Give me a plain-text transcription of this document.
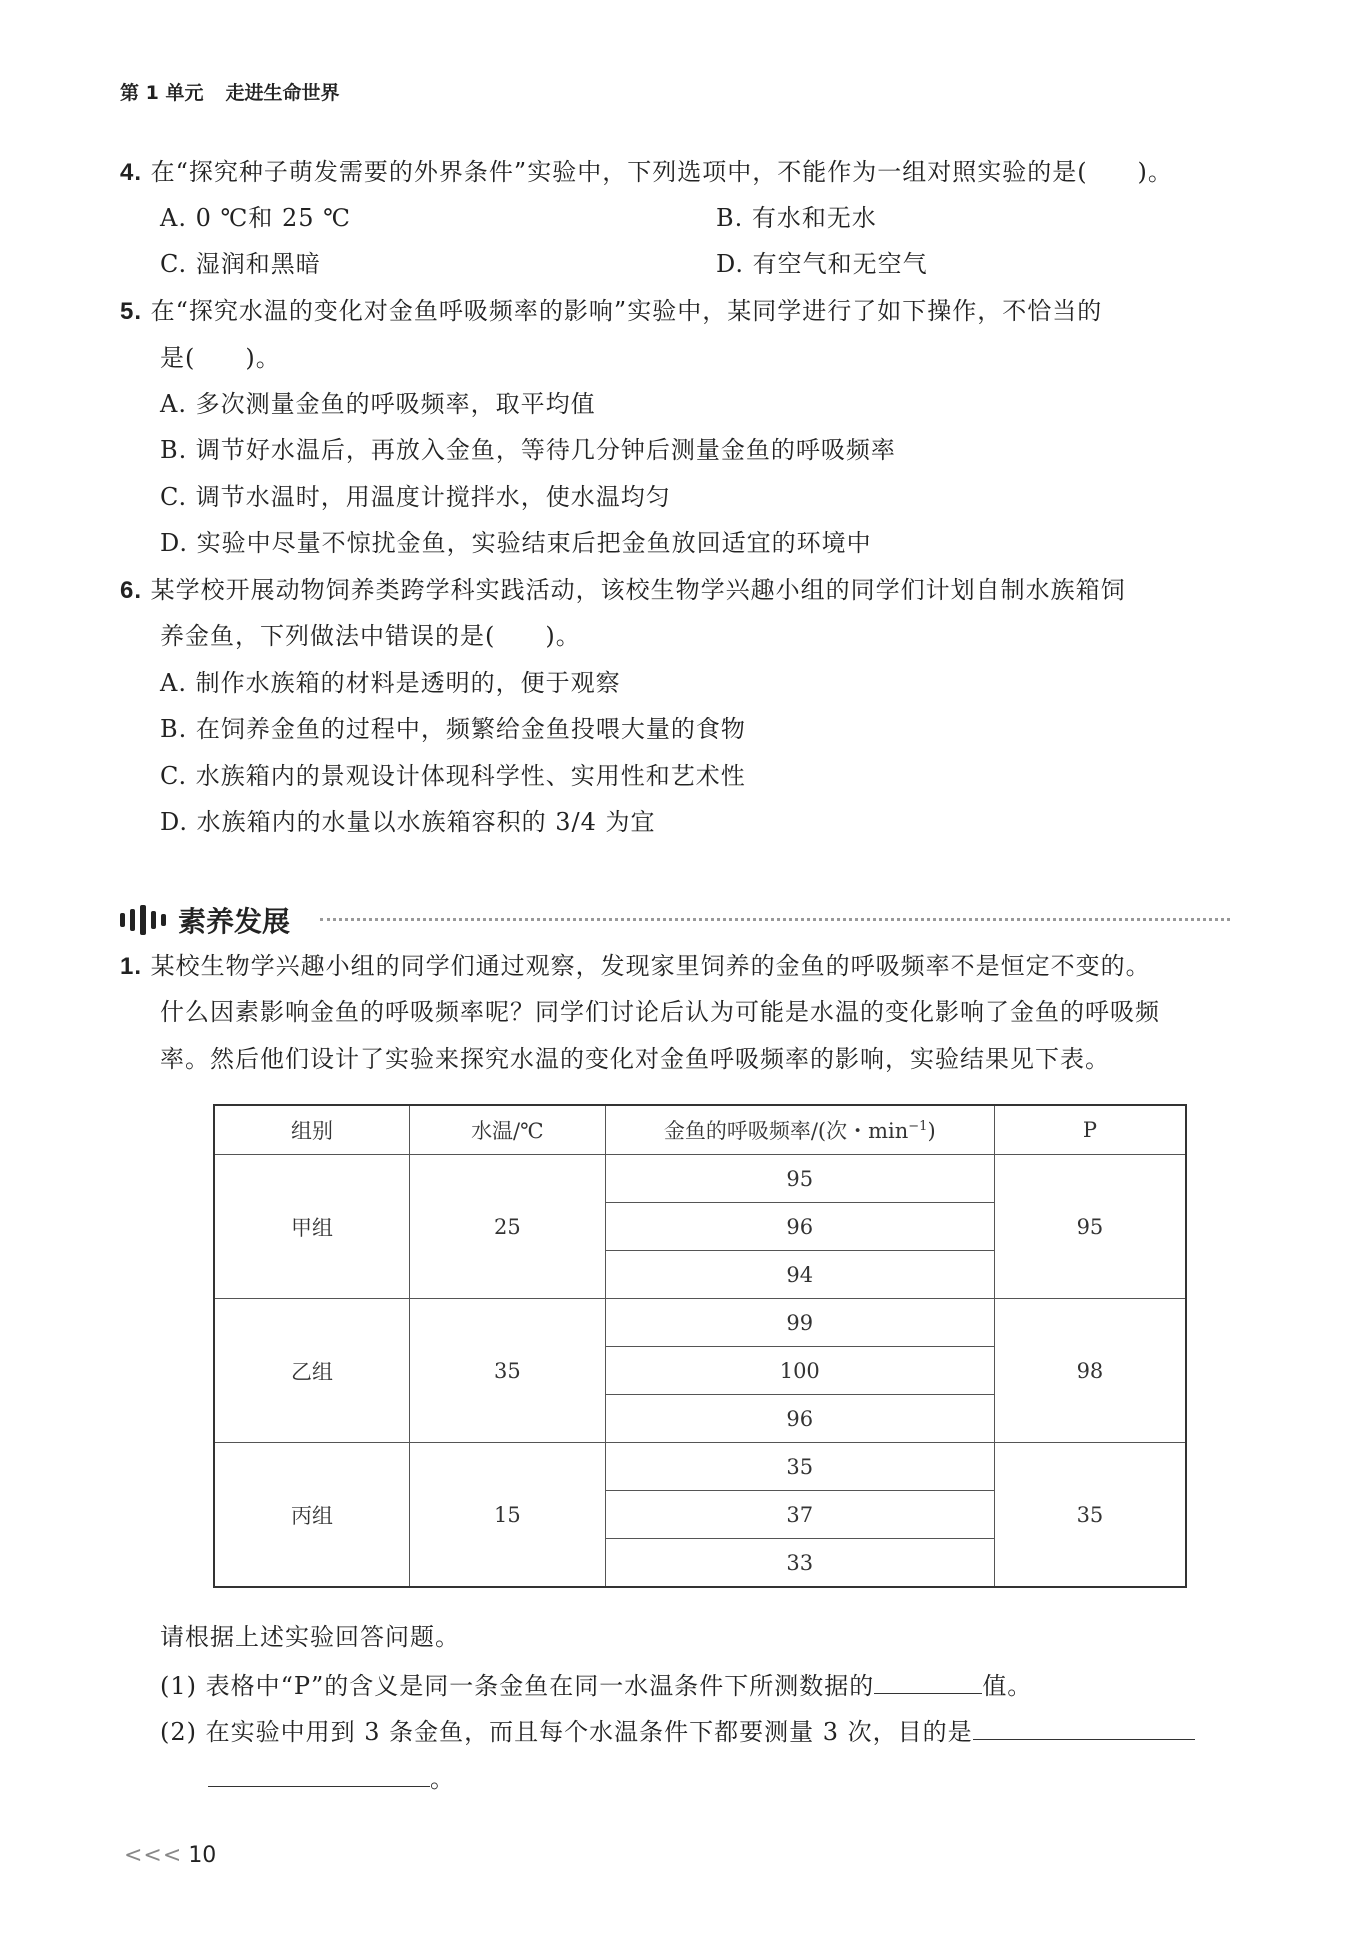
第 1 单元 走进生命世界
4. 在“探究种子萌发需要的外界条件”实验中，下列选项中，不能作为一组对照实验的是(　　)。
A. 0 ℃和 25 ℃	B. 有水和无水
C. 湿润和黑暗	D. 有空气和无空气
5. 在“探究水温的变化对金鱼呼吸频率的影响”实验中，某同学进行了如下操作，不恰当的
是(　　)。
A. 多次测量金鱼的呼吸频率，取平均值
B. 调节好水温后，再放入金鱼，等待几分钟后测量金鱼的呼吸频率
C. 调节水温时，用温度计搅拌水，使水温均匀
D. 实验中尽量不惊扰金鱼，实验结束后把金鱼放回适宜的环境中
6. 某学校开展动物饲养类跨学科实践活动，该校生物学兴趣小组的同学们计划自制水族箱饲
养金鱼，下列做法中错误的是(　　)。
A. 制作水族箱的材料是透明的，便于观察
B. 在饲养金鱼的过程中，频繁给金鱼投喂大量的食物
C. 水族箱内的景观设计体现科学性、实用性和艺术性
D. 水族箱内的水量以水族箱容积的 3/4 为宜
素养发展
1. 某校生物学兴趣小组的同学们通过观察，发现家里饲养的金鱼的呼吸频率不是恒定不变的。
什么因素影响金鱼的呼吸频率呢？同学们讨论后认为可能是水温的变化影响了金鱼的呼吸频
率。然后他们设计了实验来探究水温的变化对金鱼呼吸频率的影响，实验结果见下表。
组别	水温/℃	金鱼的呼吸频率/(次・$\min^{-1}$)	P
甲组	25	95	95
		96	
		94	
乙组	35	99	98
		100	
		96	
丙组	15	35	35
		37	
		33	
请根据上述实验回答问题。
(1) 表格中“P”的含义是同一条金鱼在同一水温条件下所测数据的	值。
(2) 在实验中用到 3 条金鱼，而且每个水温条件下都要测量 3 次，目的是
。
<<< 10
